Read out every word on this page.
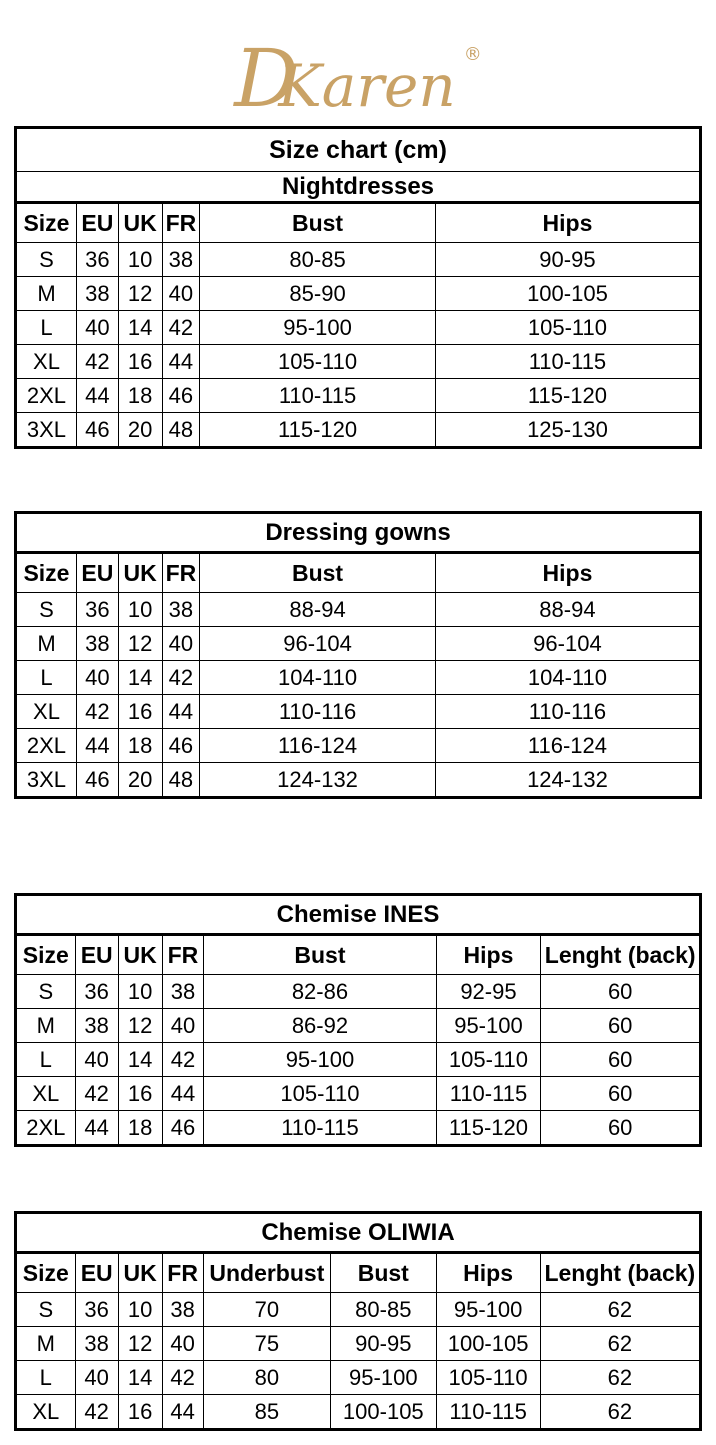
DKaren ®
Size chart (cm)					
Nightdresses					
Size	EU	UK	FR	Bust	Hips
S	36	10	38	80-85	90-95
M	38	12	40	85-90	100-105
L	40	14	42	95-100	105-110
XL	42	16	44	105-110	110-115
2XL	44	18	46	110-115	115-120
3XL	46	20	48	115-120	125-130
Dressing gowns					
Size	EU	UK	FR	Bust	Hips
S	36	10	38	88-94	88-94
M	38	12	40	96-104	96-104
L	40	14	42	104-110	104-110
XL	42	16	44	110-116	110-116
2XL	44	18	46	116-124	116-124
3XL	46	20	48	124-132	124-132
Chemise INES						
Size	EU	UK	FR	Bust	Hips	Lenght (back)
S	36	10	38	82-86	92-95	60
M	38	12	40	86-92	95-100	60
L	40	14	42	95-100	105-110	60
XL	42	16	44	105-110	110-115	60
2XL	44	18	46	110-115	115-120	60
Chemise OLIWIA							
Size	EU	UK	FR	Underbust	Bust	Hips	Lenght (back)
S	36	10	38	70	80-85	95-100	62
M	38	12	40	75	90-95	100-105	62
L	40	14	42	80	95-100	105-110	62
XL	42	16	44	85	100-105	110-115	62
